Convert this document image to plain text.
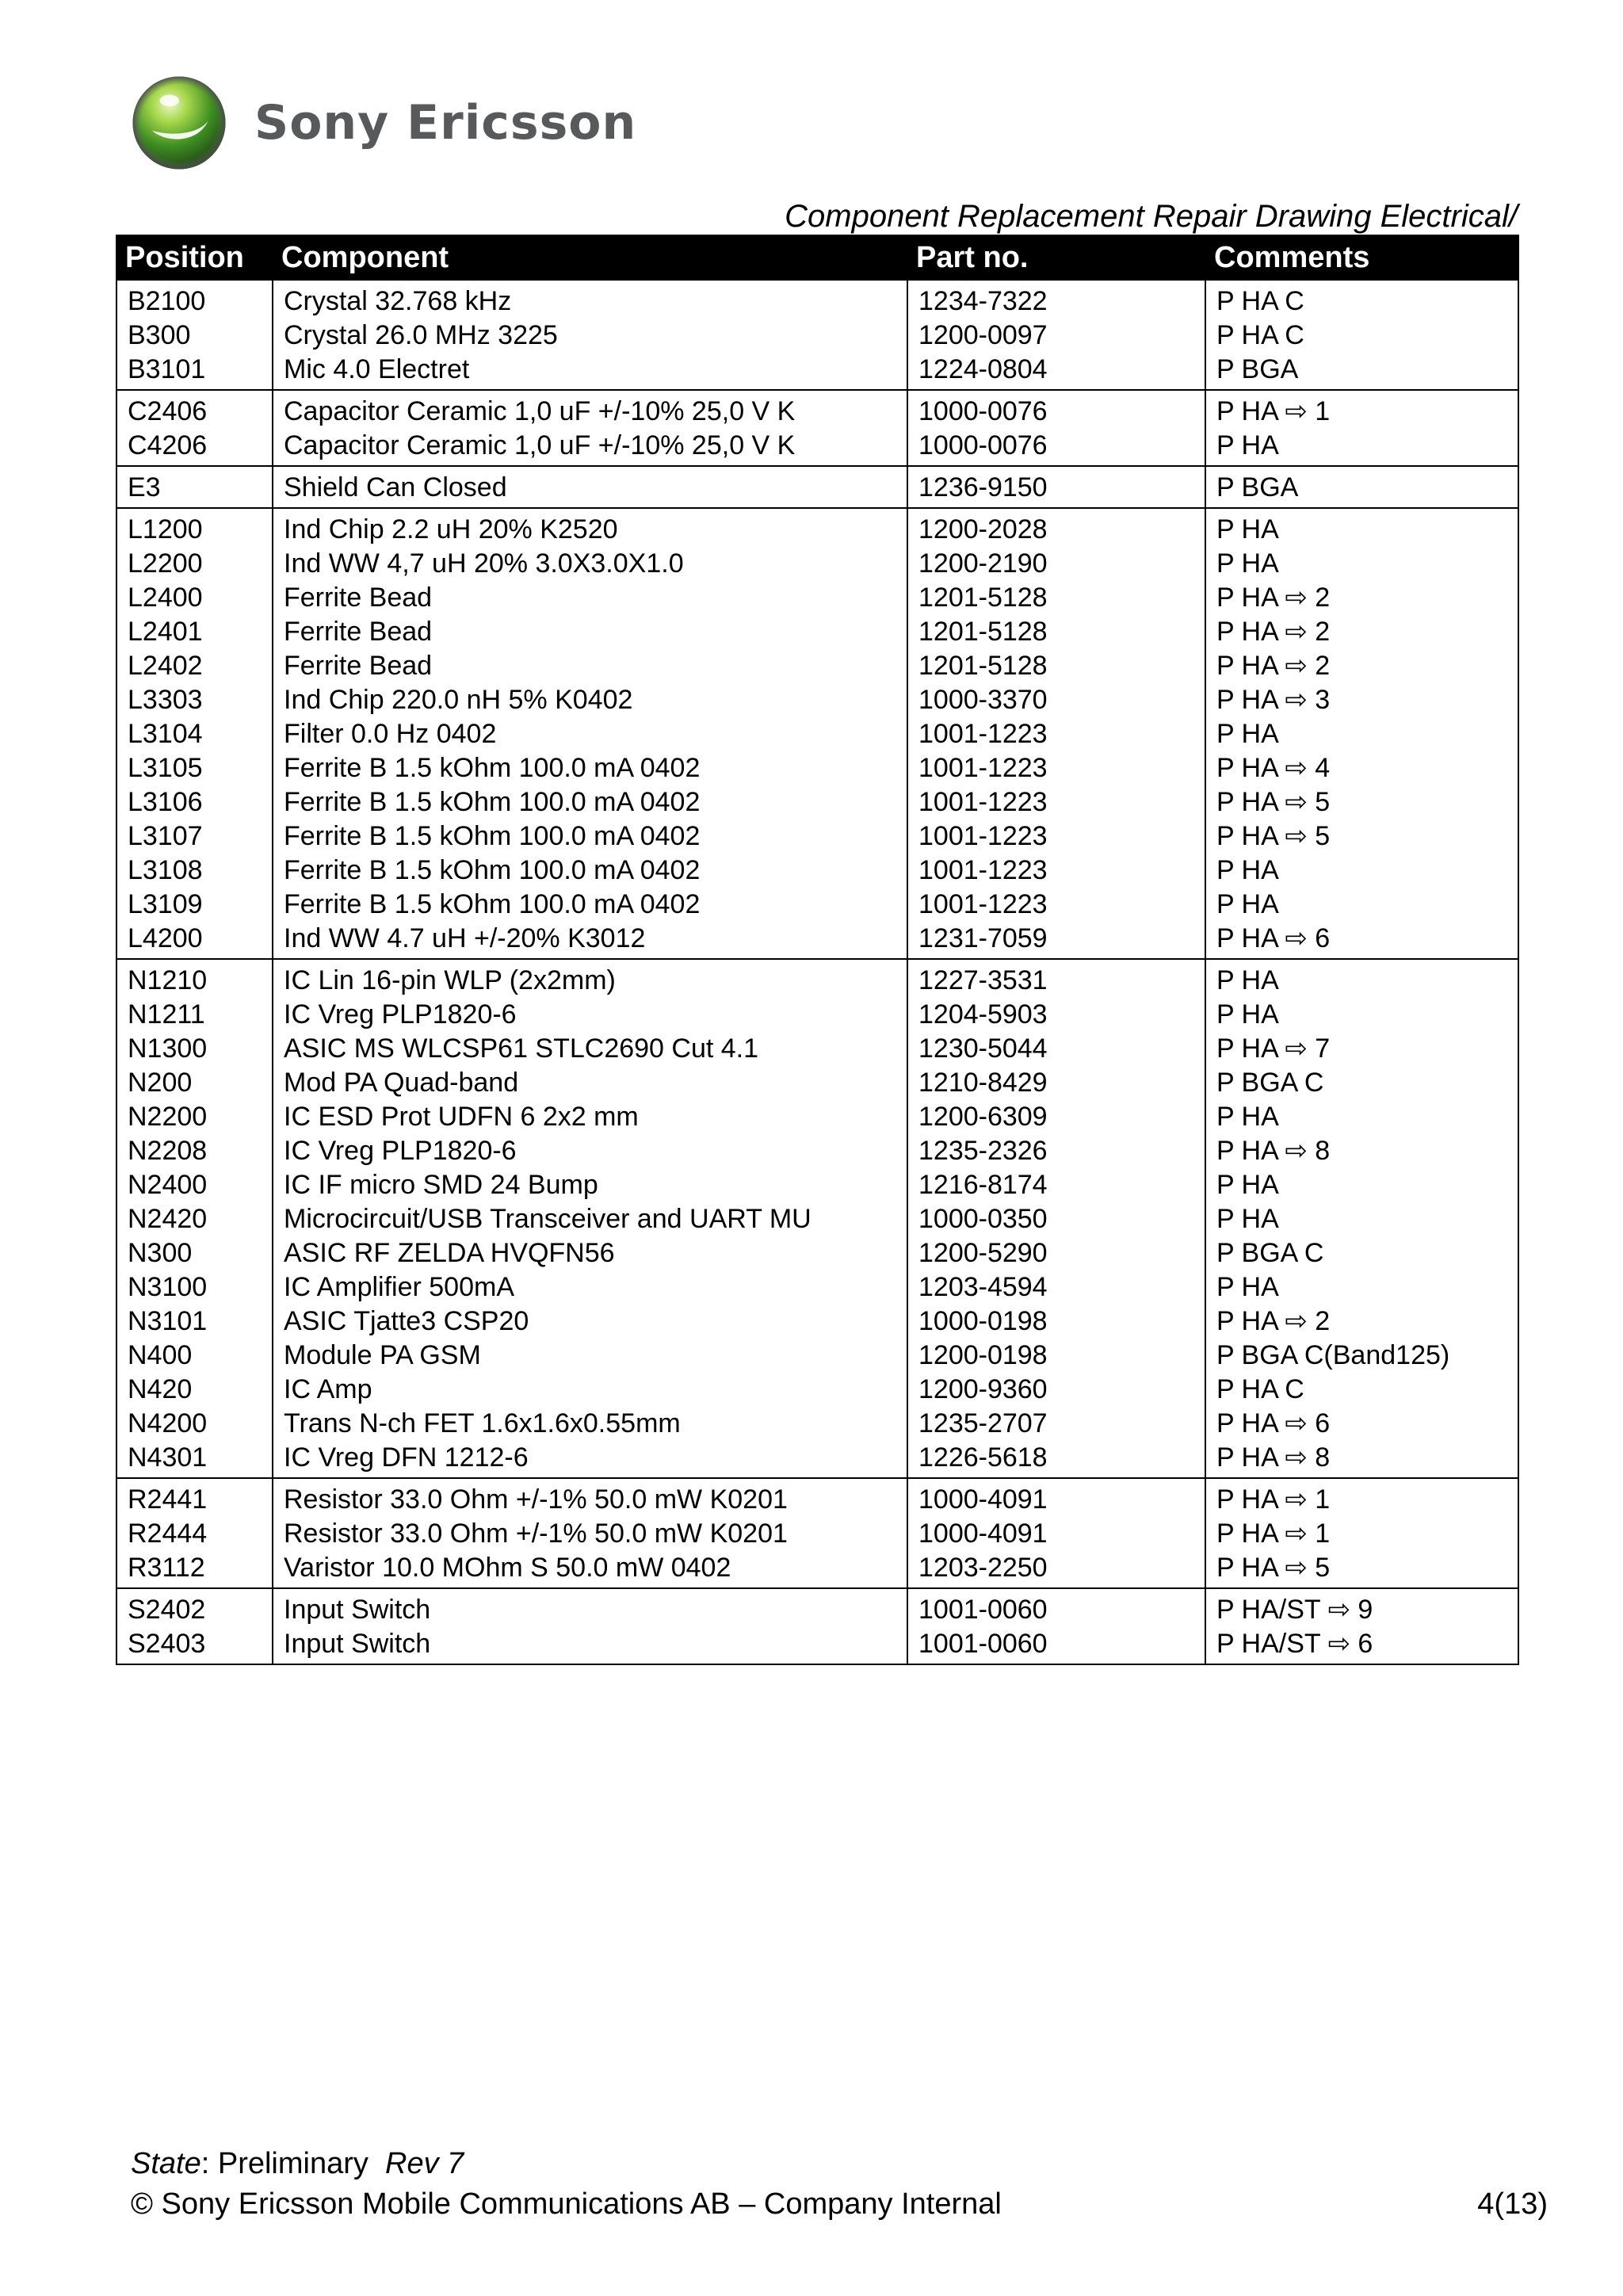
Sony Ericsson
Component Replacement Repair Drawing Electrical/
Position	Component	Part no.	Comments
B2100	Crystal 32.768 kHz	1234-7322	P HA C
B300	Crystal 26.0 MHz 3225	1200-0097	P HA C
B3101	Mic 4.0 Electret	1224-0804	P BGA
C2406	Capacitor Ceramic 1,0 uF +/-10% 25,0 V K	1000-0076	P HA ⇨ 1
C4206	Capacitor Ceramic 1,0 uF +/-10% 25,0 V K	1000-0076	P HA
E3	Shield Can Closed	1236-9150	P BGA
L1200	Ind Chip 2.2 uH 20% K2520	1200-2028	P HA
L2200	Ind WW 4,7 uH 20% 3.0X3.0X1.0	1200-2190	P HA
L2400	Ferrite Bead	1201-5128	P HA ⇨ 2
L2401	Ferrite Bead	1201-5128	P HA ⇨ 2
L2402	Ferrite Bead	1201-5128	P HA ⇨ 2
L3303	Ind Chip 220.0 nH 5% K0402	1000-3370	P HA ⇨ 3
L3104	Filter 0.0 Hz 0402	1001-1223	P HA
L3105	Ferrite B 1.5 kOhm 100.0 mA 0402	1001-1223	P HA ⇨ 4
L3106	Ferrite B 1.5 kOhm 100.0 mA 0402	1001-1223	P HA ⇨ 5
L3107	Ferrite B 1.5 kOhm 100.0 mA 0402	1001-1223	P HA ⇨ 5
L3108	Ferrite B 1.5 kOhm 100.0 mA 0402	1001-1223	P HA
L3109	Ferrite B 1.5 kOhm 100.0 mA 0402	1001-1223	P HA
L4200	Ind WW 4.7 uH +/-20% K3012	1231-7059	P HA ⇨ 6
N1210	IC Lin 16-pin WLP (2x2mm)	1227-3531	P HA
N1211	IC Vreg PLP1820-6	1204-5903	P HA
N1300	ASIC MS WLCSP61 STLC2690 Cut 4.1	1230-5044	P HA ⇨ 7
N200	Mod PA Quad-band	1210-8429	P BGA C
N2200	IC ESD Prot UDFN 6 2x2 mm	1200-6309	P HA
N2208	IC Vreg PLP1820-6	1235-2326	P HA ⇨ 8
N2400	IC IF micro SMD 24 Bump	1216-8174	P HA
N2420	Microcircuit/USB Transceiver and UART MU	1000-0350	P HA
N300	ASIC RF ZELDA HVQFN56	1200-5290	P BGA C
N3100	IC Amplifier 500mA	1203-4594	P HA
N3101	ASIC Tjatte3 CSP20	1000-0198	P HA ⇨ 2
N400	Module PA GSM	1200-0198	P BGA C(Band125)
N420	IC Amp	1200-9360	P HA C
N4200	Trans N-ch FET 1.6x1.6x0.55mm	1235-2707	P HA ⇨ 6
N4301	IC Vreg DFN 1212-6	1226-5618	P HA ⇨ 8
R2441	Resistor 33.0 Ohm +/-1% 50.0 mW K0201	1000-4091	P HA ⇨ 1
R2444	Resistor 33.0 Ohm +/-1% 50.0 mW K0201	1000-4091	P HA ⇨ 1
R3112	Varistor 10.0 MOhm S 50.0 mW 0402	1203-2250	P HA ⇨ 5
S2402	Input Switch	1001-0060	P HA/ST ⇨ 9
S2403	Input Switch	1001-0060	P HA/ST ⇨ 6
State: Preliminary Rev 7
© Sony Ericsson Mobile Communications AB – Company Internal	4(13)
